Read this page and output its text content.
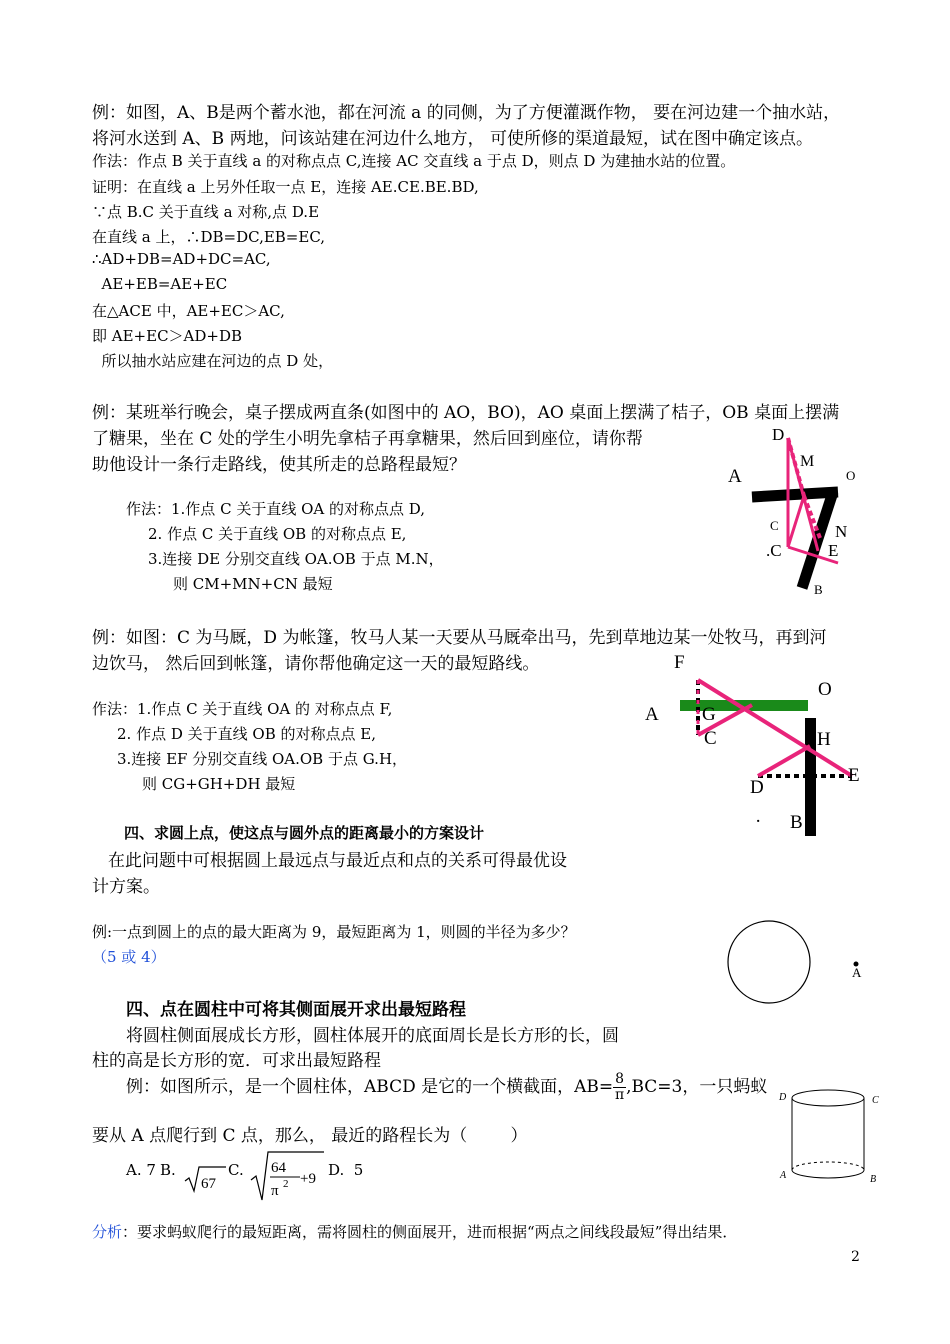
例：如图，A、B是两个蓄水池，都在河流 a 的同侧，为了方便灌溉作物， 要在河边建一个抽水站，
将河水送到 A、B 两地，问该站建在河边什么地方， 可使所修的渠道最短，试在图中确定该点。
作法：作点 B 关于直线 a 的对称点点 C,连接 AC 交直线 a 于点 D，则点 D 为建抽水站的位置。
证明：在直线 a 上另外任取一点 E，连接 AE.CE.BE.BD,
∵点 B.C 关于直线 a 对称,点 D.E
在直线 a 上，∴DB=DC,EB=EC,
∴AD+DB=AD+DC=AC,
AE+EB=AE+EC
在△ACE 中，AE+EC＞AC,
即 AE+EC＞AD+DB
所以抽水站应建在河边的点 D 处，
例：某班举行晚会，桌子摆成两直条(如图中的 AO，BO)，AO 桌面上摆满了桔子，OB 桌面上摆满
了糖果，坐在 C 处的学生小明先拿桔子再拿糖果，然后回到座位，请你帮
助他设计一条行走路线，使其所走的总路程最短？
作法：1.作点 C 关于直线 OA 的对称点点 D,
2. 作点 C 关于直线 OB 的对称点点 E,
3.连接 DE 分别交直线 OA.OB 于点 M.N，
则 CM+MN+CN 最短
D
M
A	O
C	N
.C	E
B
例：如图：C 为马厩，D 为帐篷，牧马人某一天要从马厩牵出马，先到草地边某一处牧马，再到河
边饮马， 然后回到帐篷，请你帮他确定这一天的最短路线。
作法：1.作点 C 关于直线 OA 的 对称点点 F,
2. 作点 D 关于直线 OB 的对称点点 E,
3.连接 EF 分别交直线 OA.OB 于点 G.H，
则 CG+GH+DH 最短
F
O
A G
C	H
E
D
· B
四、求圆上点，使这点与圆外点的距离最小的方案设计
在此问题中可根据圆上最远点与最近点和点的关系可得最优设
计方案。
例:一点到圆上的点的最大距离为 9，最短距离为 1，则圆的半径为多少？
（5 或 4）
A
四、点在圆柱中可将其侧面展开求出最短路程
将圆柱侧面展成长方形，圆柱体展开的底面周长是长方形的长，圆
柱的高是长方形的宽．可求出最短路程
例：如图所示，是一个圆柱体，ABCD 是它的一个横截面，$AB= \frac{8}{\pi} ,BC=3$，一只蚂蚁
要从 A 点爬行到 C 点，那么， 最近的路程长为（        ）
A. 7 B.
67
C. 64
π 2 +9 D.  5
D	C
A	B
分析：要求蚂蚁爬行的最短距离，需将圆柱的侧面展开，进而根据“两点之间线段最短”得出结果．
2
